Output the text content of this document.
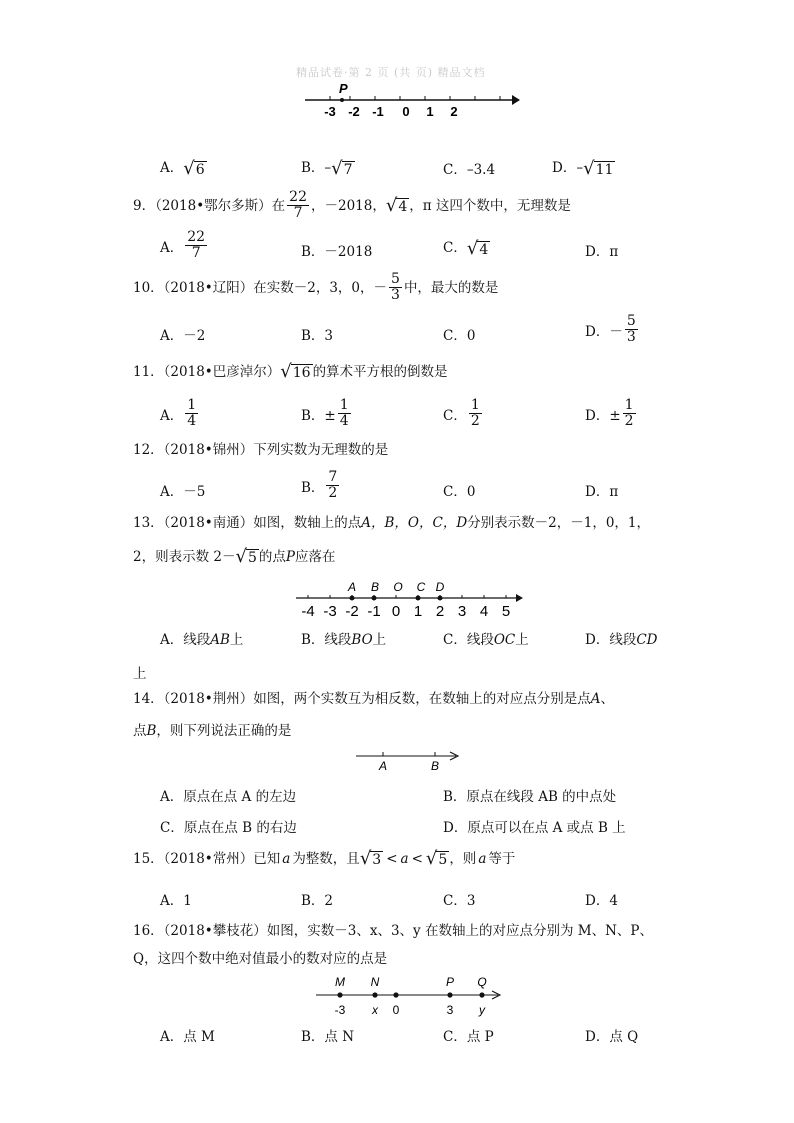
精品试卷·第 2 页 (共 页) 精品文档
P
-3 -2 -1 0 1 2
A． √ 6	B．– √ 7	C．–3.4	D．– √ 11
9．（2018•鄂尔多斯）在 $\frac{22}{7}$ ，－2018， √ 4 ，π 这四个数中，无理数是
A． $\frac{22}{7}$	B．－2018	C． √ 4	D．π
10．（2018•辽阳）在实数－2，3，0，－ $\frac{5}{3}$ 中，最大的数是
A．－2	B．3	C．0	D．－ $\frac{5}{3}$
11．（2018•巴彦淖尔） √ 16 的算术平方根的倒数是
A． $\frac{1}{4}$	B．± $\frac{1}{4}$	C． $\frac{1}{2}$	D．± $\frac{1}{2}$
12．（2018•锦州）下列实数为无理数的是
A．－5	B． $\frac{7}{2}$	C．0	D．π
13．（2018•南通）如图，数轴上的点A，B，O，C，D分别表示数－2，－1，0，1，
2，则表示数 2－ √ 5 的点 P 应落在
A B O C D
-4 -3 -2 -1 0 1 2 3 4 5
A．线段AB上	B．线段BO上	C．线段OC上	D．线段CD
上
14．（2018•荆州）如图，两个实数互为相反数，在数轴上的对应点分别是点A、
点B，则下列说法正确的是
A	B
A．原点在点 A 的左边	B．原点在线段 AB 的中点处
C．原点在点 B 的右边	D．原点可以在点 A 或点 B 上
15．（2018•常州）已知 a 为整数，且 √ 3 < a < √ 5 ，则 a 等于
A．1	B．2	C．3	D．4
16．（2018•攀枝花）如图，实数－3、x、3、y 在数轴上的对应点分别为 M、N、P、
Q，这四个数中绝对值最小的数对应的点是
M N	P Q
-3 x 0	3 y
A．点 M	B．点 N	C．点 P	D．点 Q
